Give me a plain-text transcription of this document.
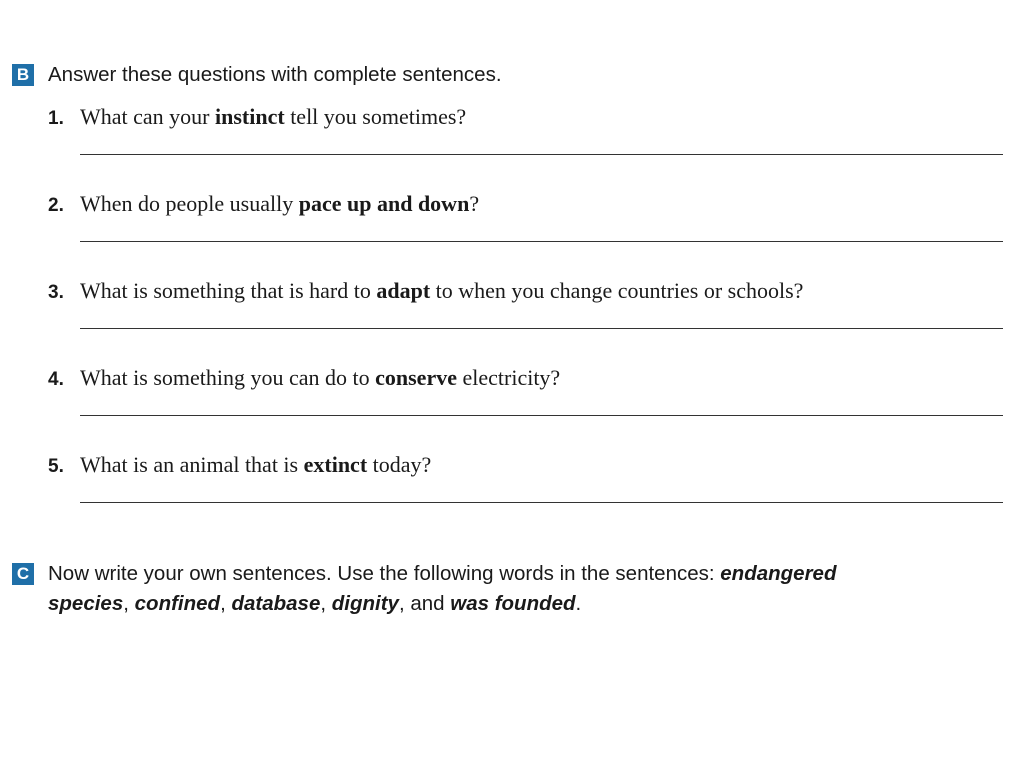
B Answer these questions with complete sentences.
1. What can your instinct tell you sometimes?
2. When do people usually pace up and down?
3. What is something that is hard to adapt to when you change countries or schools?
4. What is something you can do to conserve electricity?
5. What is an animal that is extinct today?
C Now write your own sentences. Use the following words in the sentences: endangered
species, confined, database, dignity, and was founded.
